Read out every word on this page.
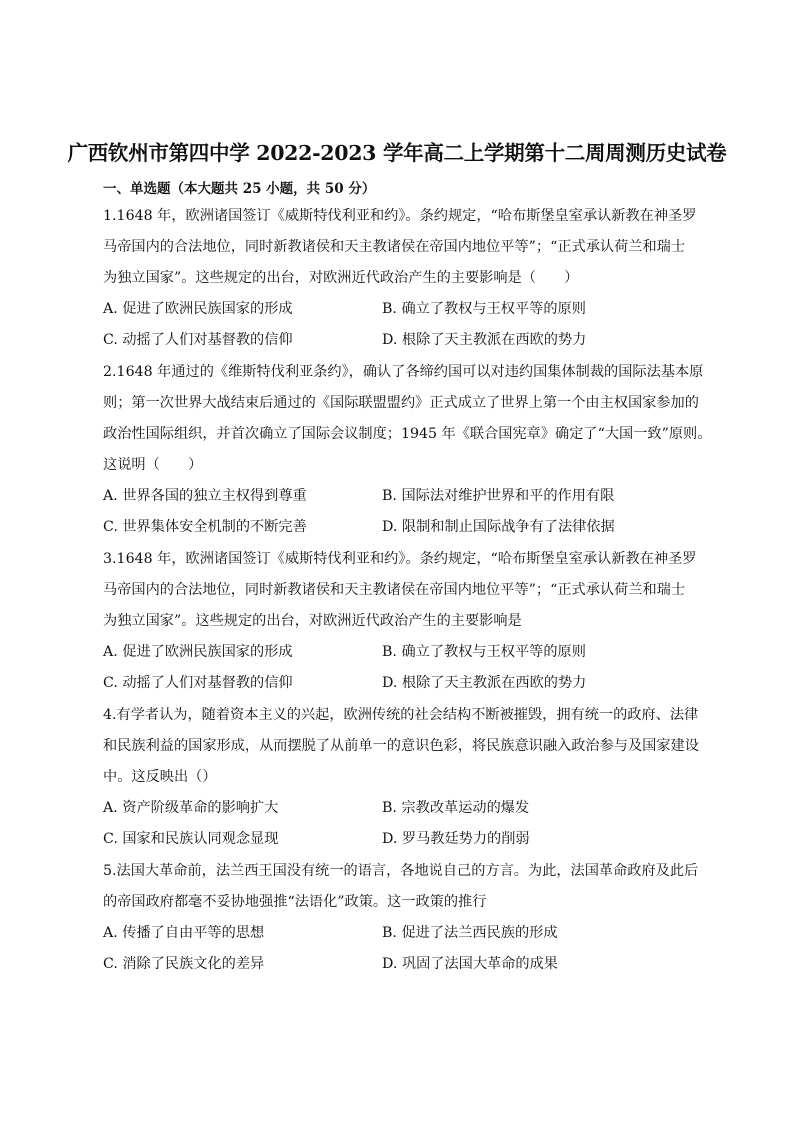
广西钦州市第四中学 2022-2023 学年高二上学期第十二周周测历史试卷
一、单选题（本大题共 25 小题，共 50 分）
1.1648 年，欧洲诸国签订《威斯特伐利亚和约》。条约规定，“哈布斯堡皇室承认新教在神圣罗
马帝国内的合法地位，同时新教诸侯和天主教诸侯在帝国内地位平等”；“正式承认荷兰和瑞士
为独立国家”。这些规定的出台，对欧洲近代政治产生的主要影响是（　　）
A. 促进了欧洲民族国家的形成	B. 确立了教权与王权平等的原则
C. 动摇了人们对基督教的信仰	D. 根除了天主教派在西欧的势力
2.1648 年通过的《维斯特伐利亚条约》，确认了各缔约国可以对违约国集体制裁的国际法基本原
则；第一次世界大战结束后通过的《国际联盟盟约》正式成立了世界上第一个由主权国家参加的
政治性国际组织，并首次确立了国际会议制度；1945 年《联合国宪章》确定了“大国一致”原则。
这说明（　　）
A. 世界各国的独立主权得到尊重	B. 国际法对维护世界和平的作用有限
C. 世界集体安全机制的不断完善	D. 限制和制止国际战争有了法律依据
3.1648 年，欧洲诸国签订《威斯特伐利亚和约》。条约规定，“哈布斯堡皇室承认新教在神圣罗
马帝国内的合法地位，同时新教诸侯和天主教诸侯在帝国内地位平等”；“正式承认荷兰和瑞士
为独立国家”。这些规定的出台，对欧洲近代政治产生的主要影响是
A. 促进了欧洲民族国家的形成	B. 确立了教权与王权平等的原则
C. 动摇了人们对基督教的信仰	D. 根除了天主教派在西欧的势力
4.有学者认为，随着资本主义的兴起，欧洲传统的社会结构不断被摧毁，拥有统一的政府、法律
和民族利益的国家形成，从而摆脱了从前单一的意识色彩，将民族意识融入政治参与及国家建设
中。这反映出（）
A. 资产阶级革命的影响扩大	B. 宗教改革运动的爆发
C. 国家和民族认同观念显现	D. 罗马教廷势力的削弱
5.法国大革命前，法兰西王国没有统一的语言，各地说自己的方言。为此，法国革命政府及此后
的帝国政府都毫不妥协地强推“法语化”政策。这一政策的推行
A. 传播了自由平等的思想	B. 促进了法兰西民族的形成
C. 消除了民族文化的差异	D. 巩固了法国大革命的成果
